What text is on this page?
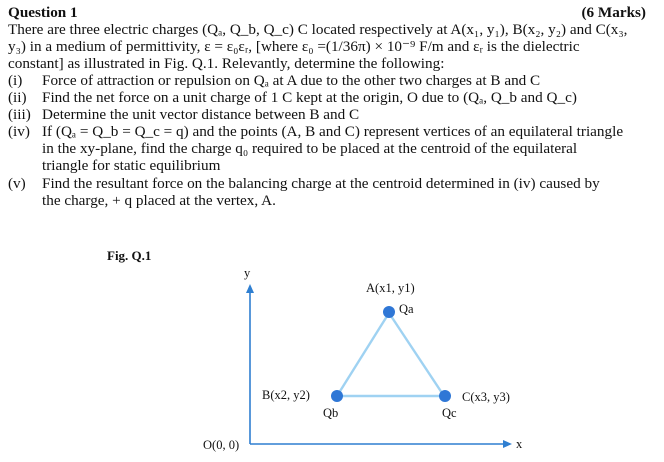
Question 1	(6 Marks)
There are three electric charges (Qₐ, Q_b, Q_c) C located respectively at A(x₁, y₁), B(x₂, y₂) and C(x₃,
y₃) in a medium of permittivity, ε = ε₀εᵣ, [where ε₀ =(1/36π) × 10⁻⁹ F/m and εᵣ is the dielectric
constant] as illustrated in Fig. Q.1. Relevantly, determine the following:
(i) Force of attraction or repulsion on Qₐ at A due to the other two charges at B and C
(ii) Find the net force on a unit charge of 1 C kept at the origin, O due to (Qₐ, Q_b and Q_c)
(iii) Determine the unit vector distance between B and C
(iv) If (Qₐ = Q_b = Q_c = q) and the points (A, B and C) represent vertices of an equilateral triangle
in the xy-plane, find the charge q₀ required to be placed at the centroid of the equilateral
triangle for static equilibrium
(v) Find the resultant force on the balancing charge at the centroid determined in (iv) caused by
the charge, + q placed at the vertex, A.
Fig. Q.1
y
x
O(0, 0)
A(x1, y1)
Qa
B(x2, y2)
Qb
C(x3, y3)
Qc
